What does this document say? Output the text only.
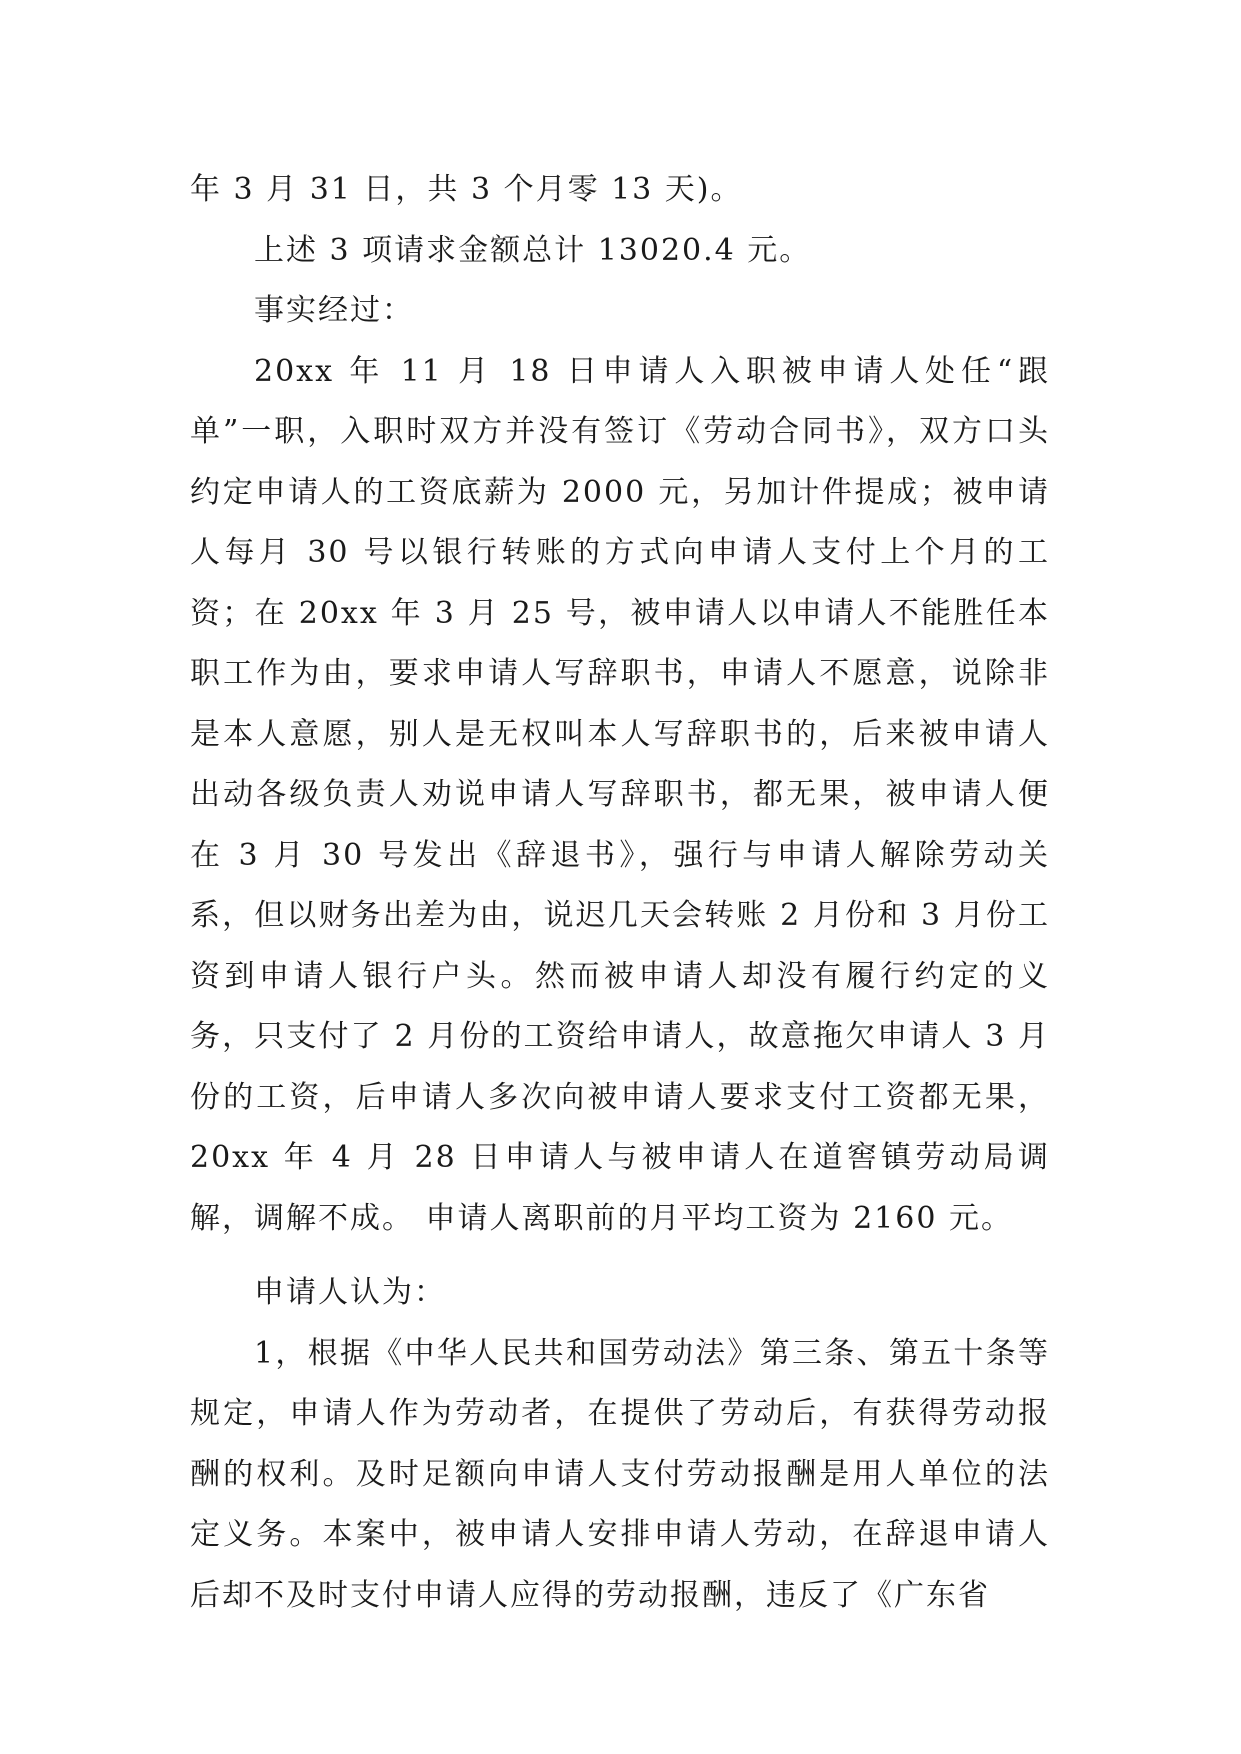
年 3 月 31 日，共 3 个月零 13 天)。

上述 3 项请求金额总计 13020.4 元。

事实经过：

20xx 年 11 月 18 日申请人入职被申请人处任“跟单”一职，入职时双方并没有签订《劳动合同书》，双方口头约定申请人的工资底薪为 2000 元，另加计件提成；被申请人每月 30 号以银行转账的方式向申请人支付上个月的工资；在 20xx 年 3 月 25 号，被申请人以申请人不能胜任本职工作为由，要求申请人写辞职书，申请人不愿意，说除非是本人意愿，别人是无权叫本人写辞职书的，后来被申请人出动各级负责人劝说申请人写辞职书，都无果，被申请人便在 3 月 30 号发出《辞退书》，强行与申请人解除劳动关系，但以财务出差为由，说迟几天会转账 2 月份和 3 月份工资到申请人银行户头。然而被申请人却没有履行约定的义务，只支付了 2 月份的工资给申请人，故意拖欠申请人 3 月份的工资，后申请人多次向被申请人要求支付工资都无果，20xx 年 4 月 28 日申请人与被申请人在道窖镇劳动局调解，调解不成。 申请人离职前的月平均工资为 2160 元。

申请人认为：

1，根据《中华人民共和国劳动法》第三条、第五十条等规定，申请人作为劳动者，在提供了劳动后，有获得劳动报酬的权利。及时足额向申请人支付劳动报酬是用人单位的法定义务。本案中，被申请人安排申请人劳动，在辞退申请人后却不及时支付申请人应得的劳动报酬，违反了《广东省
